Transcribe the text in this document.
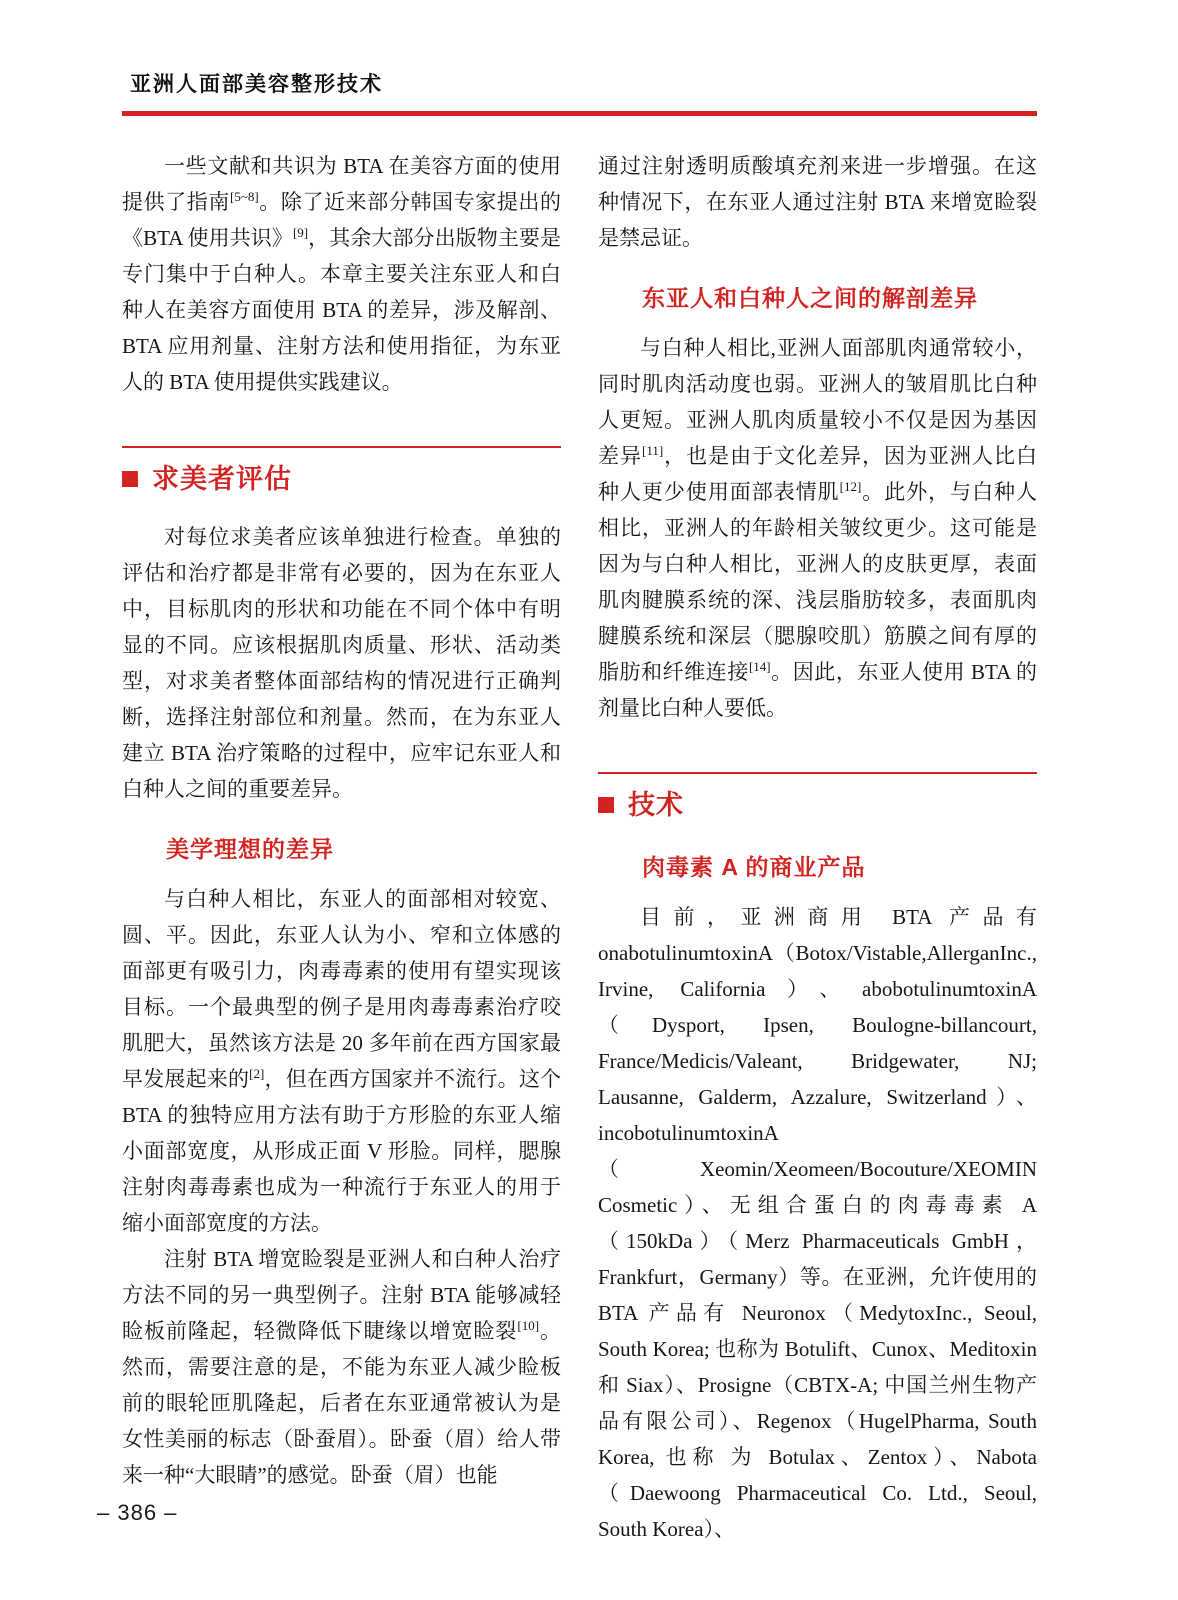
亚洲人面部美容整形技术

一些文献和共识为 BTA 在美容方面的使用提供了指南[5~8]。除了近来部分韩国专家提出的《BTA 使用共识》[9]，其余大部分出版物主要是专门集中于白种人。本章主要关注东亚人和白种人在美容方面使用 BTA 的差异，涉及解剖、BTA 应用剂量、注射方法和使用指征，为东亚人的 BTA 使用提供实践建议。

求美者评估

对每位求美者应该单独进行检查。单独的评估和治疗都是非常有必要的，因为在东亚人中，目标肌肉的形状和功能在不同个体中有明显的不同。应该根据肌肉质量、形状、活动类型，对求美者整体面部结构的情况进行正确判断，选择注射部位和剂量。然而，在为东亚人建立 BTA 治疗策略的过程中，应牢记东亚人和白种人之间的重要差异。

美学理想的差异

与白种人相比，东亚人的面部相对较宽、圆、平。因此，东亚人认为小、窄和立体感的面部更有吸引力，肉毒毒素的使用有望实现该目标。一个最典型的例子是用肉毒毒素治疗咬肌肥大，虽然该方法是 20 多年前在西方国家最早发展起来的[2]，但在西方国家并不流行。这个 BTA 的独特应用方法有助于方形脸的东亚人缩小面部宽度，从形成正面 V 形脸。同样，腮腺注射肉毒毒素也成为一种流行于东亚人的用于缩小面部宽度的方法。

注射 BTA 增宽睑裂是亚洲人和白种人治疗方法不同的另一典型例子。注射 BTA 能够减轻睑板前隆起，轻微降低下睫缘以增宽睑裂[10]。然而，需要注意的是，不能为东亚人减少睑板前的眼轮匝肌隆起，后者在东亚通常被认为是女性美丽的标志（卧蚕眉）。卧蚕（眉）给人带来一种“大眼睛”的感觉。卧蚕（眉）也能

通过注射透明质酸填充剂来进一步增强。在这种情况下，在东亚人通过注射 BTA 来增宽睑裂是禁忌证。

东亚人和白种人之间的解剖差异

与白种人相比,亚洲人面部肌肉通常较小，同时肌肉活动度也弱。亚洲人的皱眉肌比白种人更短。亚洲人肌肉质量较小不仅是因为基因差异[11]，也是由于文化差异，因为亚洲人比白种人更少使用面部表情肌[12]。此外，与白种人相比，亚洲人的年龄相关皱纹更少。这可能是因为与白种人相比，亚洲人的皮肤更厚，表面肌肉腱膜系统的深、浅层脂肪较多，表面肌肉腱膜系统和深层（腮腺咬肌）筋膜之间有厚的脂肪和纤维连接[14]。因此，东亚人使用 BTA 的剂量比白种人要低。

技术
肉毒素 A 的商业产品

目前，亚洲商用 BTA 产品有 onabotulinumtoxinA（Botox/Vistable,AllerganInc., Irvine, California）、abobotulinumtoxinA（Dysport, Ipsen, Boulogne-billancourt, France/Medicis/Valeant, Bridgewater, NJ; Lausanne, Galderm, Azzalure, Switzerland）、incobotulinumtoxinA（Xeomin/Xeomeen/Bocouture/XEOMIN Cosmetic）、无组合蛋白的肉毒毒素 A（150kDa）（Merz Pharmaceuticals GmbH，Frankfurt，Germany）等。在亚洲，允许使用的 BTA 产品有 Neuronox（MedytoxInc., Seoul, South Korea; 也称为 Botulift、Cunox、Meditoxin 和 Siax）、Prosigne（CBTX-A; 中国兰州生物产品有限公司）、Regenox（HugelPharma, South Korea, 也称 为 Botulax、Zentox）、Nabota（Daewoong Pharmaceutical Co. Ltd., Seoul, South Korea）、

– 386 –
